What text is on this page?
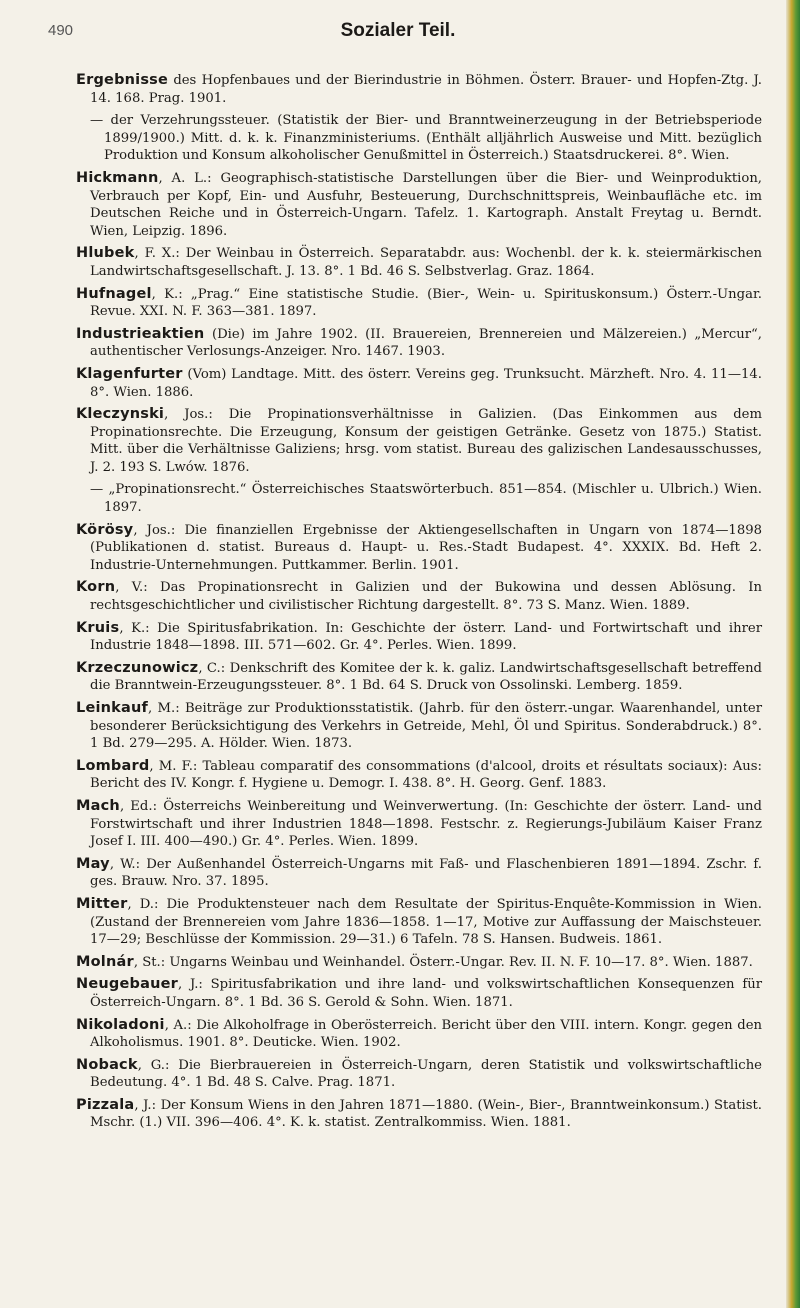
490	Sozialer Teil.

Ergebnisse des Hopfenbaues und der Bierindustrie in Böhmen. Österr. Brauer- und Hopfen-Ztg. J. 14. 168. Prag. 1901.

— der Verzehrungssteuer. (Statistik der Bier- und Branntweinerzeugung in der Betriebsperiode 1899/1900.) Mitt. d. k. k. Finanzministeriums. (Enthält alljährlich Ausweise und Mitt. bezüglich Produktion und Konsum alkoholischer Genußmittel in Österreich.) Staatsdruckerei. 8°. Wien.

Hickmann, A. L.: Geographisch-statistische Darstellungen über die Bier- und Weinproduktion, Verbrauch per Kopf, Ein- und Ausfuhr, Besteuerung, Durchschnittspreis, Weinbaufläche etc. im Deutschen Reiche und in Österreich-Ungarn. Tafelz. 1. Kartograph. Anstalt Freytag u. Berndt. Wien, Leipzig. 1896.

Hlubek, F. X.: Der Weinbau in Österreich. Separatabdr. aus: Wochenbl. der k. k. steiermärkischen Landwirtschaftsgesellschaft. J. 13. 8°. 1 Bd. 46 S. Selbstverlag. Graz. 1864.

Hufnagel, K.: „Prag.“ Eine statistische Studie. (Bier-, Wein- u. Spirituskonsum.) Österr.-Ungar. Revue. XXI. N. F. 363—381. 1897.

Industrieaktien (Die) im Jahre 1902. (II. Brauereien, Brennereien und Mälzereien.) „Mercur“, authentischer Verlosungs-Anzeiger. Nro. 1467. 1903.

Klagenfurter (Vom) Landtage. Mitt. des österr. Vereins geg. Trunksucht. Märzheft. Nro. 4. 11—14. 8°. Wien. 1886.

Kleczynski, Jos.: Die Propinationsverhältnisse in Galizien. (Das Einkommen aus dem Propinationsrechte. Die Erzeugung, Konsum der geistigen Getränke. Gesetz von 1875.) Statist. Mitt. über die Verhältnisse Galiziens; hrsg. vom statist. Bureau des galizischen Landesausschusses, J. 2. 193 S. Lwów. 1876.

— „Propinationsrecht.“ Österreichisches Staatswörterbuch. 851—854. (Mischler u. Ulbrich.) Wien. 1897.

Körösy, Jos.: Die finanziellen Ergebnisse der Aktiengesellschaften in Ungarn von 1874—1898 (Publikationen d. statist. Bureaus d. Haupt- u. Res.-Stadt Budapest. 4°. XXXIX. Bd. Heft 2. Industrie-Unternehmungen. Puttkammer. Berlin. 1901.

Korn, V.: Das Propinationsrecht in Galizien und der Bukowina und dessen Ablösung. In rechtsgeschichtlicher und civilistischer Richtung dargestellt. 8°. 73 S. Manz. Wien. 1889.

Kruis, K.: Die Spiritusfabrikation. In: Geschichte der österr. Land- und Fortwirtschaft und ihrer Industrie 1848—1898. III. 571—602. Gr. 4°. Perles. Wien. 1899.

Krzeczunowicz, C.: Denkschrift des Komitee der k. k. galiz. Landwirtschaftsgesellschaft betreffend die Branntwein-Erzeugungssteuer. 8°. 1 Bd. 64 S. Druck von Ossolinski. Lemberg. 1859.

Leinkauf, M.: Beiträge zur Produktionsstatistik. (Jahrb. für den österr.-ungar. Waarenhandel, unter besonderer Berücksichtigung des Verkehrs in Getreide, Mehl, Öl und Spiritus. Sonderabdruck.) 8°. 1 Bd. 279—295. A. Hölder. Wien. 1873.

Lombard, M. F.: Tableau comparatif des consommations (d'alcool, droits et résultats sociaux): Aus: Bericht des IV. Kongr. f. Hygiene u. Demogr. I. 438. 8°. H. Georg. Genf. 1883.

Mach, Ed.: Österreichs Weinbereitung und Weinverwertung. (In: Geschichte der österr. Land- und Forstwirtschaft und ihrer Industrien 1848—1898. Festschr. z. Regierungs-Jubiläum Kaiser Franz Josef I. III. 400—490.) Gr. 4°. Perles. Wien. 1899.

May, W.: Der Außenhandel Österreich-Ungarns mit Faß- und Flaschenbieren 1891—1894. Zschr. f. ges. Brauw. Nro. 37. 1895.

Mitter, D.: Die Produktensteuer nach dem Resultate der Spiritus-Enquête-Kommission in Wien. (Zustand der Brennereien vom Jahre 1836—1858. 1—17, Motive zur Auffassung der Maischsteuer. 17—29; Beschlüsse der Kommission. 29—31.) 6 Tafeln. 78 S. Hansen. Budweis. 1861.

Molnár, St.: Ungarns Weinbau und Weinhandel. Österr.-Ungar. Rev. II. N. F. 10—17. 8°. Wien. 1887.

Neugebauer, J.: Spiritusfabrikation und ihre land- und volkswirtschaftlichen Konsequenzen für Österreich-Ungarn. 8°. 1 Bd. 36 S. Gerold & Sohn. Wien. 1871.

Nikoladoni, A.: Die Alkoholfrage in Oberösterreich. Bericht über den VIII. intern. Kongr. gegen den Alkoholismus. 1901. 8°. Deuticke. Wien. 1902.

Noback, G.: Die Bierbrauereien in Österreich-Ungarn, deren Statistik und volkswirtschaftliche Bedeutung. 4°. 1 Bd. 48 S. Calve. Prag. 1871.

Pizzala, J.: Der Konsum Wiens in den Jahren 1871—1880. (Wein-, Bier-, Branntweinkonsum.) Statist. Mschr. (1.) VII. 396—406. 4°. K. k. statist. Zentralkommiss. Wien. 1881.
